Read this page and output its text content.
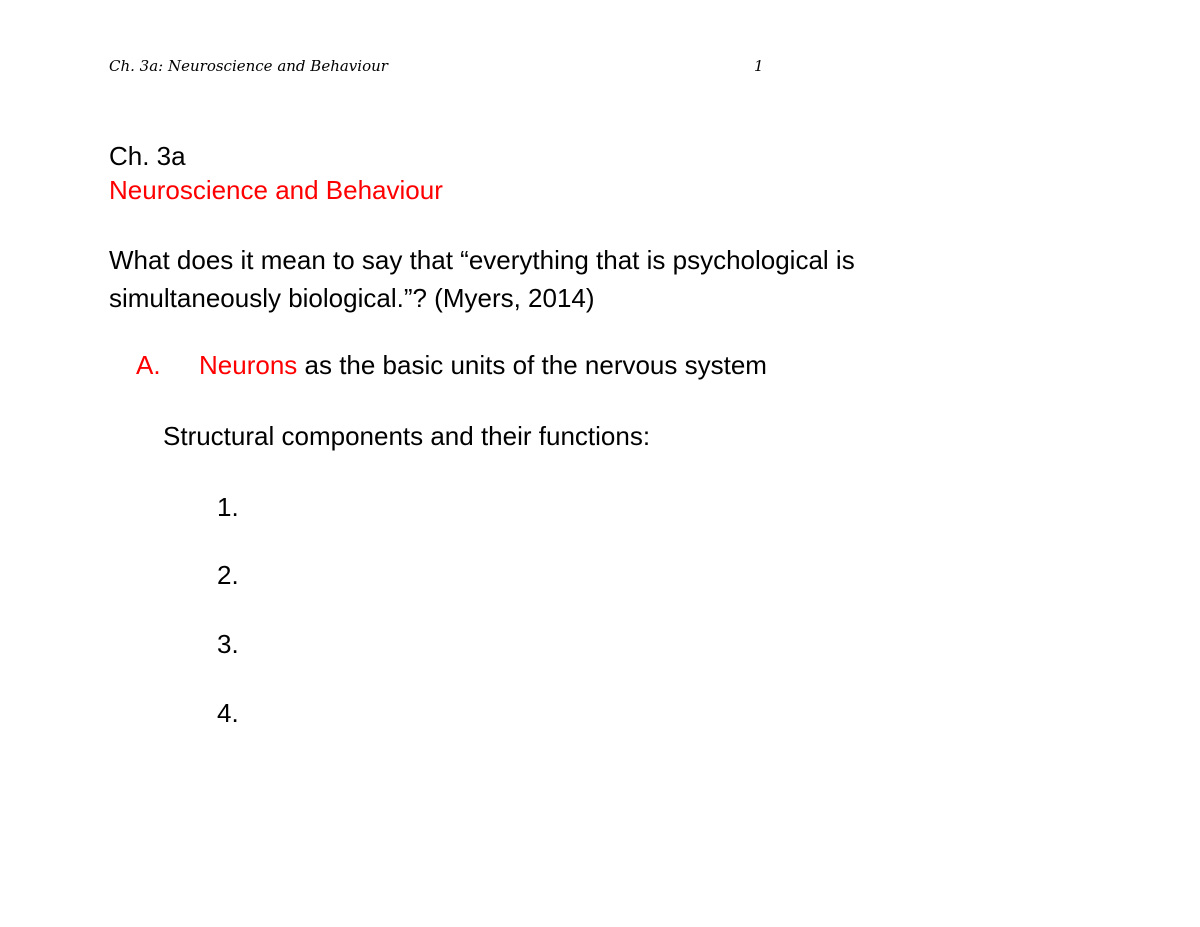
Ch. 3a: Neuroscience and Behaviour	1
Ch. 3a
Neuroscience and Behaviour
What does it mean to say that “everything that is psychological is
simultaneously biological.”? (Myers, 2014)
A. Neurons as the basic units of the nervous system
Structural components and their functions:
1.
2.
3.
4.
